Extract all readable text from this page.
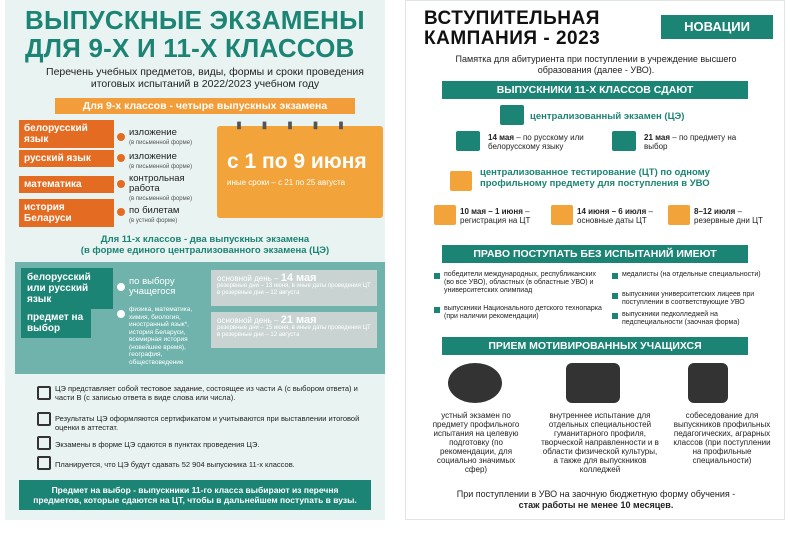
ВЫПУСКНЫЕ ЭКЗАМЕНЫ
ДЛЯ 9-Х И 11-Х КЛАССОВ
Перечень учебных предметов, виды, формы и сроки проведения итоговых испытаний в 2022/2023 учебном году
Для 9-х классов - четыре выпускных экзамена
белорусский язык
изложение
(в письменной форме)
русский язык	изложение
(в письменной форме)
математика
контрольная работа
(в письменной форме)
история Беларуси
по билетам
(в устной форме)
▮▮▮▮▮
с 1 по 9 июня
иные сроки – с 21 по 25 августа
Для 11-х классов - два выпускных экзамена
(в форме единого централизованного экзамена (ЦЭ)
белорусский или русский язык
по выбору учащегося
предмет на выбор
физика, математика, химия, биология, иностранный язык*, история Беларуси, всемирная история (новейшее время), география, обществоведение
основной день – 14 мая
резервные дни – 13 июня, в иные даты проведения ЦТ в резервные дни – 12 августа
основной день – 21 мая
резервные дни – 15 июня, в иные даты проведения ЦТ в резервные дни – 12 августа
ЦЭ представляет собой тестовое задание, состоящее из части А (с выбором ответа) и части В (с записью ответа в виде слова или числа).
Результаты ЦЭ оформляются сертификатом и учитываются при выставлении итоговой оценки в аттестат.
Экзамены в форме ЦЭ сдаются в пунктах проведения ЦЭ.
Планируется, что ЦЭ будут сдавать 52 904 выпускника 11-х классов.
Предмет на выбор - выпускники 11-го класса выбирают из перечня предметов, которые сдаются на ЦТ, чтобы в дальнейшем поступать в вузы.
ВСТУПИТЕЛЬНАЯ
КАМПАНИЯ - 2023
НОВАЦИИ
Памятка для абитуриента при поступлении в учреждение высшего образования (далее - УВО).
ВЫПУСКНИКИ 11-Х КЛАССОВ СДАЮТ
централизованный экзамен (ЦЭ)
14 мая – по русскому или белорусскому языку
21 мая – по предмету на выбор
централизованное тестирование (ЦТ) по одному профильному предмету для поступления в УВО
10 мая – 1 июня – регистрация на ЦТ
14 июня – 6 июля – основные даты ЦТ
8–12 июля – резервные дни ЦТ
ПРАВО ПОСТУПАТЬ БЕЗ ИСПЫТАНИЙ ИМЕЮТ
победители международных, республиканских (во все УВО), областных (в областные УВО) и университетских олимпиад
выпускники Национального детского технопарка (при наличии рекомендации)
медалисты (на отдельные специальности)
выпускники университетских лицеев при поступлении в соответствующие УВО
выпускники педколледжей на педспециальности (заочная форма)
ПРИЕМ МОТИВИРОВАННЫХ УЧАЩИХСЯ
устный экзамен по предмету профильного испытания на целевую подготовку (по рекомендации, для социально значимых сфер)
внутреннее испытание для отдельных специальностей гуманитарного профиля, творческой направленности и в области физической культуры, а также для выпускников колледжей
собеседование для выпускников профильных педагогических, аграрных классов (при поступлении на профильные специальности)
При поступлении в УВО на заочную бюджетную форму обучения -
стаж работы не менее 10 месяцев.
